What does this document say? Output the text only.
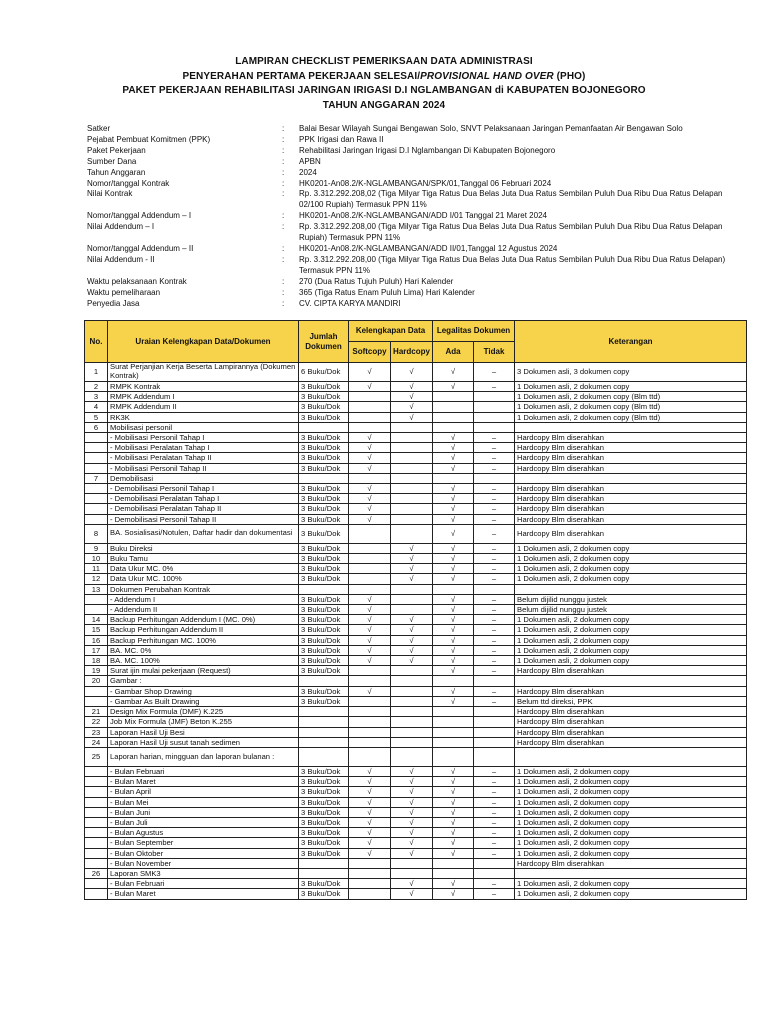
LAMPIRAN CHECKLIST PEMERIKSAAN DATA ADMINISTRASI
PENYERAHAN PERTAMA PEKERJAAN SELESAI/PROVISIONAL HAND OVER (PHO)
PAKET PEKERJAAN REHABILITASI JARINGAN IRIGASI D.I NGLAMBANGAN di KABUPATEN BOJONEGORO
TAHUN ANGGARAN 2024
Satker	:	Balai Besar Wilayah Sungai Bengawan Solo, SNVT Pelaksanaan Jaringan Pemanfaatan Air Bengawan Solo
Pejabat Pembuat Komitmen (PPK)	:	PPK Irigasi dan Rawa II
Paket Pekerjaan	:	Rehabilitasi Jaringan Irigasi D.I Nglambangan Di Kabupaten Bojonegoro
Sumber Dana	:	APBN
Tahun Anggaran	:	2024
Nomor/tanggal Kontrak	:	HK0201-An08.2/K-NGLAMBANGAN/SPK/01,Tanggal 06 Februari 2024
Nilai Kontrak	:	Rp. 3.312.292.208,02 (Tiga Milyar Tiga Ratus Dua Belas Juta Dua Ratus Sembilan Puluh Dua Ribu Dua Ratus Delapan 02/100 Rupiah) Termasuk PPN 11%
Nomor/tanggal Addendum – I	:	HK0201-An08.2/K-NGLAMBANGAN/ADD I/01 Tanggal 21 Maret 2024
Nilai Addendum – I	:	Rp. 3.312.292.208,00 (Tiga Milyar Tiga Ratus Dua Belas Juta Dua Ratus Sembilan Puluh Dua Ribu Dua Ratus Delapan Rupiah) Termasuk PPN 11%
Nomor/tanggal Addendum – II	:	HK0201-An08.2/K-NGLAMBANGAN/ADD II/01,Tanggal 12 Agustus 2024
Nilai Addendum - II	:	Rp. 3.312.292.208,00 (Tiga Milyar Tiga Ratus Dua Belas Juta Dua Ratus Sembilan Puluh Dua Ribu Dua Ratus Delapan) Termasuk PPN 11%
Waktu pelaksanaan Kontrak	:	270 (Dua Ratus Tujuh Puluh) Hari Kalender
Waktu pemeliharaan	:	365 (Tiga Ratus Enam Puluh Lima) Hari Kalender
Penyedia Jasa	:	CV. CIPTA KARYA MANDIRI
No.	Uraian Kelengkapan Data/Dokumen	Jumlah Dokumen	Kelengkapan Data		Legalitas Dokumen		Keterangan
			Softcopy	Hardcopy	Ada	Tidak	
1	Surat Perjanjian Kerja Beserta Lampirannya (Dokumen Kontrak)	6 Buku/Dok	√	√	√	–	3 Dokumen asli, 3 dokumen copy
2	RMPK Kontrak	3 Buku/Dok	√	√	√	–	1 Dokumen asli, 2 dokumen copy
3	RMPK Addendum I	3 Buku/Dok		√			1 Dokumen asli, 2 dokumen copy (Blm ttd)
4	RMPK Addendum II	3 Buku/Dok		√			1 Dokumen asli, 2 dokumen copy (Blm ttd)
5	RK3K	3 Buku/Dok		√			1 Dokumen asli, 2 dokumen copy (Blm ttd)
6	Mobilisasi personil						
	- Mobilisasi Personil Tahap I	3 Buku/Dok	√		√	–	Hardcopy Blm diserahkan
	- Mobilisasi Peralatan Tahap I	3 Buku/Dok	√		√	–	Hardcopy Blm diserahkan
	- Mobilisasi Peralatan Tahap II	3 Buku/Dok	√		√	–	Hardcopy Blm diserahkan
	- Mobilisasi Personil Tahap II	3 Buku/Dok	√		√	–	Hardcopy Blm diserahkan
7	Demobilisasi						
	- Demobilisasi Personil Tahap I	3 Buku/Dok	√		√	–	Hardcopy Blm diserahkan
	- Demobilisasi Peralatan Tahap I	3 Buku/Dok	√		√	–	Hardcopy Blm diserahkan
	- Demobilisasi Peralatan Tahap II	3 Buku/Dok	√		√	–	Hardcopy Blm diserahkan
	- Demobilisasi Personil Tahap II	3 Buku/Dok	√		√	–	Hardcopy Blm diserahkan
8	BA. Sosialisasi/Notulen, Daftar hadir dan dokumentasi	3 Buku/Dok			√	–	Hardcopy Blm diserahkan
9	Buku Direksi	3 Buku/Dok		√	√	–	1 Dokumen asli, 2 dokumen copy
10	Buku Tamu	3 Buku/Dok		√	√	–	1 Dokumen asli, 2 dokumen copy
11	Data Ukur MC. 0%	3 Buku/Dok		√	√	–	1 Dokumen asli, 2 dokumen copy
12	Data Ukur MC. 100%	3 Buku/Dok		√	√	–	1 Dokumen asli, 2 dokumen copy
13	Dokumen Perubahan Kontrak						
	- Addendum I	3 Buku/Dok	√		√	–	Belum dijilid nunggu justek
	- Addendum II	3 Buku/Dok	√		√	–	Belum dijilid nunggu justek
14	Backup Perhitungan Addendum I (MC. 0%)	3 Buku/Dok	√	√	√	–	1 Dokumen asli, 2 dokumen copy
15	Backup Perhitungan Addendum II	3 Buku/Dok	√	√	√	–	1 Dokumen asli, 2 dokumen copy
16	Backup Perhitungan MC. 100%	3 Buku/Dok	√	√	√	–	1 Dokumen asli, 2 dokumen copy
17	BA. MC. 0%	3 Buku/Dok	√	√	√	–	1 Dokumen asli, 2 dokumen copy
18	BA. MC. 100%	3 Buku/Dok	√	√	√	–	1 Dokumen asli, 2 dokumen copy
19	Surat ijin mulai pekerjaan (Request)	3 Buku/Dok			√	–	Hardcopy Blm diserahkan
20	Gambar :						
	- Gambar Shop Drawing	3 Buku/Dok	√		√	–	Hardcopy Blm diserahkan
	- Gambar As Built Drawing	3 Buku/Dok			√	–	Belum ttd direksi, PPK
21	Design Mix Formula (DMF) K.225						Hardcopy Blm diserahkan
22	Job Mix Formula (JMF) Beton K.255						Hardcopy Blm diserahkan
23	Laporan Hasil Uji Besi						Hardcopy Blm diserahkan
24	Laporan Hasil Uji susut tanah sedimen						Hardcopy Blm diserahkan
25	Laporan harian, mingguan dan laporan bulanan :						
	- Bulan Februari	3 Buku/Dok	√	√	√	–	1 Dokumen asli, 2 dokumen copy
	- Bulan Maret	3 Buku/Dok	√	√	√	–	1 Dokumen asli, 2 dokumen copy
	- Bulan April	3 Buku/Dok	√	√	√	–	1 Dokumen asli, 2 dokumen copy
	- Bulan Mei	3 Buku/Dok	√	√	√	–	1 Dokumen asli, 2 dokumen copy
	- Bulan Juni	3 Buku/Dok	√	√	√	–	1 Dokumen asli, 2 dokumen copy
	- Bulan Juli	3 Buku/Dok	√	√	√	–	1 Dokumen asli, 2 dokumen copy
	- Bulan Agustus	3 Buku/Dok	√	√	√	–	1 Dokumen asli, 2 dokumen copy
	- Bulan September	3 Buku/Dok	√	√	√	–	1 Dokumen asli, 2 dokumen copy
	- Bulan Oktober	3 Buku/Dok	√	√	√	–	1 Dokumen asli, 2 dokumen copy
	- Bulan November						Hardcopy Blm diserahkan
26	Laporan SMK3						
	- Bulan Februari	3 Buku/Dok		√	√	–	1 Dokumen asli, 2 dokumen copy
	- Bulan Maret	3 Buku/Dok		√	√	–	1 Dokumen asli, 2 dokumen copy
